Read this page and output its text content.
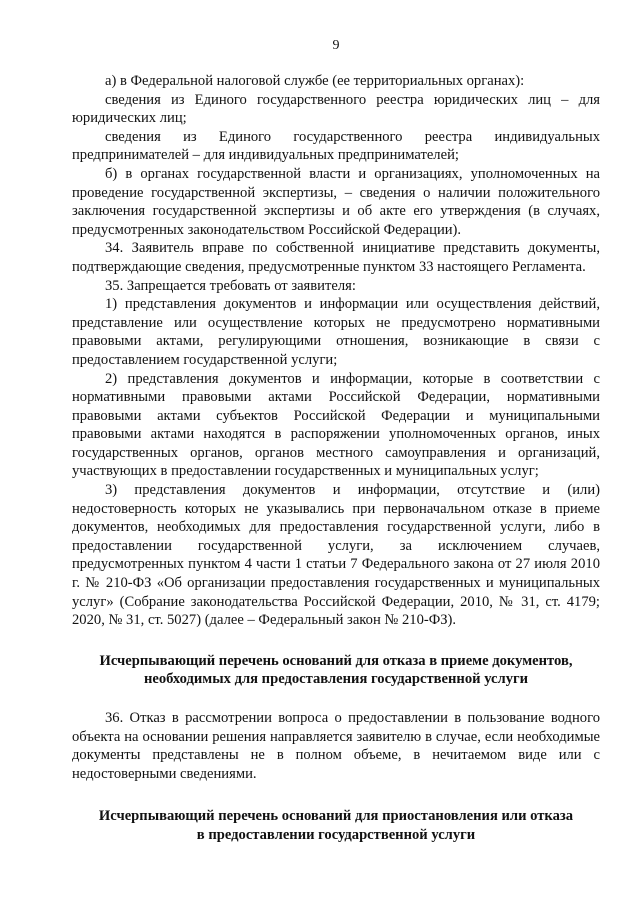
9

а) в Федеральной налоговой службе (ее территориальных органах):

сведения из Единого государственного реестра юридических лиц – для юридических лиц;

сведения из Единого государственного реестра индивидуальных предпринимателей – для индивидуальных предпринимателей;

б) в органах государственной власти и организациях, уполномоченных на проведение государственной экспертизы, – сведения о наличии положительного заключения государственной экспертизы и об акте его утверждения (в случаях, предусмотренных законодательством Российской Федерации).

34. Заявитель вправе по собственной инициативе представить документы, подтверждающие сведения, предусмотренные пунктом 33 настоящего Регламента.

35. Запрещается требовать от заявителя:

1) представления документов и информации или осуществления действий, представление или осуществление которых не предусмотрено нормативными правовыми актами, регулирующими отношения, возникающие в связи с предоставлением государственной услуги;

2) представления документов и информации, которые в соответствии с нормативными правовыми актами Российской Федерации, нормативными правовыми актами субъектов Российской Федерации и муниципальными правовыми актами находятся в распоряжении уполномоченных органов, иных государственных органов, органов местного самоуправления и организаций, участвующих в предоставлении государственных и муниципальных услуг;

3) представления документов и информации, отсутствие и (или) недостоверность которых не указывались при первоначальном отказе в приеме документов, необходимых для предоставления государственной услуги, либо в предоставлении государственной услуги, за исключением случаев, предусмотренных пунктом 4 части 1 статьи 7 Федерального закона от 27 июля 2010 г. № 210-ФЗ «Об организации предоставления государственных и муниципальных услуг» (Собрание законодательства Российской Федерации, 2010, № 31, ст. 4179; 2020, № 31, ст. 5027) (далее – Федеральный закон № 210-ФЗ).

Исчерпывающий перечень оснований для отказа в приеме документов,

необходимых для предоставления государственной услуги

36. Отказ в рассмотрении вопроса о предоставлении в пользование водного объекта на основании решения направляется заявителю в случае, если необходимые документы представлены не в полном объеме, в нечитаемом виде или с недостоверными сведениями.

Исчерпывающий перечень оснований для приостановления или отказа

в предоставлении государственной услуги
